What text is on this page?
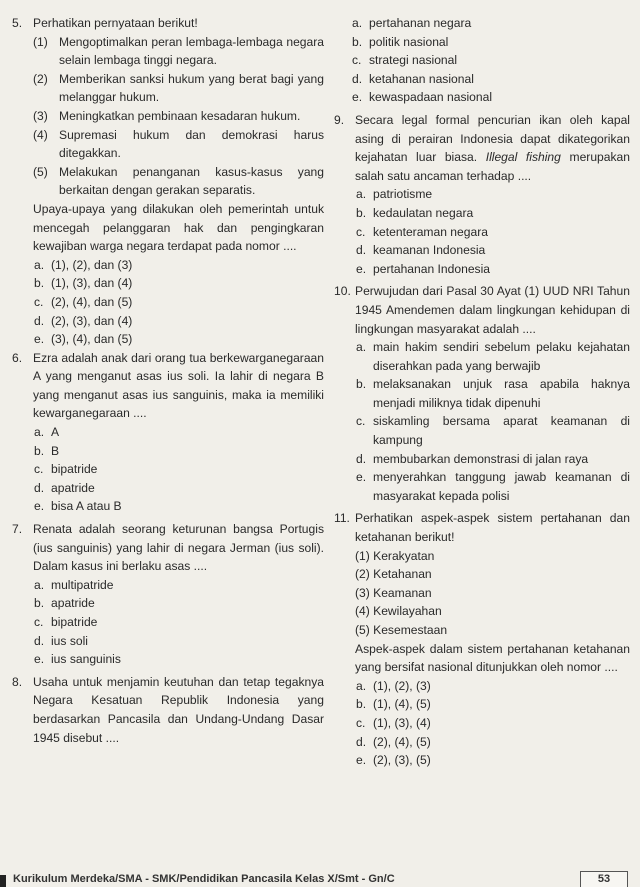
5. Perhatikan pernyataan berikut!
(1) Mengoptimalkan peran lembaga-lembaga negara selain lembaga tinggi negara.
(2) Memberikan sanksi hukum yang berat bagi yang melanggar hukum.
(3) Meningkatkan pembinaan kesadaran hukum.
(4) Supremasi hukum dan demokrasi harus ditegakkan.
(5) Melakukan penanganan kasus-kasus yang berkaitan dengan gerakan separatis.
Upaya-upaya yang dilakukan oleh pemerintah untuk mencegah pelanggaran hak dan pengingkaran kewajiban warga negara terdapat pada nomor ....
a. (1), (2), dan (3)
b. (1), (3), dan (4)
c. (2), (4), dan (5)
d. (2), (3), dan (4)
e. (3), (4), dan (5)
6. Ezra adalah anak dari orang tua berkewarganegaraan A yang menganut asas ius soli. Ia lahir di negara B yang menganut asas ius sanguinis, maka ia memiliki kewarganegaraan ....
a. A
b. B
c. bipatride
d. apatride
e. bisa A atau B
7. Renata adalah seorang keturunan bangsa Portugis (ius sanguinis) yang lahir di negara Jerman (ius soli). Dalam kasus ini berlaku asas ....
a. multipatride
b. apatride
c. bipatride
d. ius soli
e. ius sanguinis
8. Usaha untuk menjamin keutuhan dan tetap tegaknya Negara Kesatuan Republik Indonesia yang berdasarkan Pancasila dan Undang-Undang Dasar 1945 disebut ....
a. pertahanan negara
b. politik nasional
c. strategi nasional
d. ketahanan nasional
e. kewaspadaan nasional
9. Secara legal formal pencurian ikan oleh kapal asing di perairan Indonesia dapat dikategorikan kejahatan luar biasa. Illegal fishing merupakan salah satu ancaman terhadap ....
a. patriotisme
b. kedaulatan negara
c. ketenteraman negara
d. keamanan Indonesia
e. pertahanan Indonesia
10. Perwujudan dari Pasal 30 Ayat (1) UUD NRI Tahun 1945 Amendemen dalam lingkungan kehidupan di lingkungan masyarakat adalah ....
a. main hakim sendiri sebelum pelaku kejahatan diserahkan pada yang berwajib
b. melaksanakan unjuk rasa apabila haknya menjadi miliknya tidak dipenuhi
c. siskamling bersama aparat keamanan di kampung
d. membubarkan demonstrasi di jalan raya
e. menyerahkan tanggung jawab keamanan di masyarakat kepada polisi
11. Perhatikan aspek-aspek sistem pertahanan dan ketahanan berikut!
(1) Kerakyatan
(2) Ketahanan
(3) Keamanan
(4) Kewilayahan
(5) Kesemestaan
Aspek-aspek dalam sistem pertahanan ketahanan yang bersifat nasional ditunjukkan oleh nomor ....
a. (1), (2), (3)
b. (1), (4), (5)
c. (1), (3), (4)
d. (2), (4), (5)
e. (2), (3), (5)
Kurikulum Merdeka/SMA - SMK/Pendidikan Pancasila Kelas X/Smt - Gn/C	53
